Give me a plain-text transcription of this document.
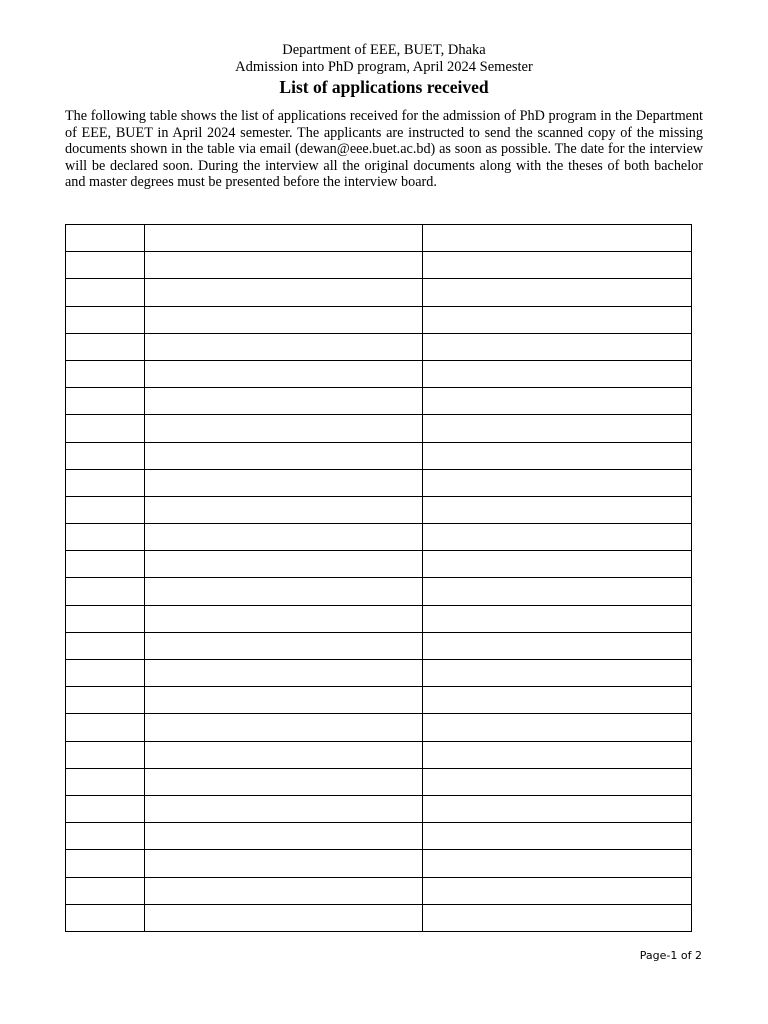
Department of EEE, BUET, Dhaka
Admission into PhD program, April 2024 Semester
List of applications received

The following table shows the list of applications received for the admission of PhD program in the Department of EEE, BUET in April 2024 semester. The applicants are instructed to send the scanned copy of the missing documents shown in the table via email (dewan@eee.buet.ac.bd) as soon as possible. The date for the interview will be declared soon. During the interview all the original documents along with the theses of both bachelor and master degrees must be presented before the interview board.

Page-1 of 2
